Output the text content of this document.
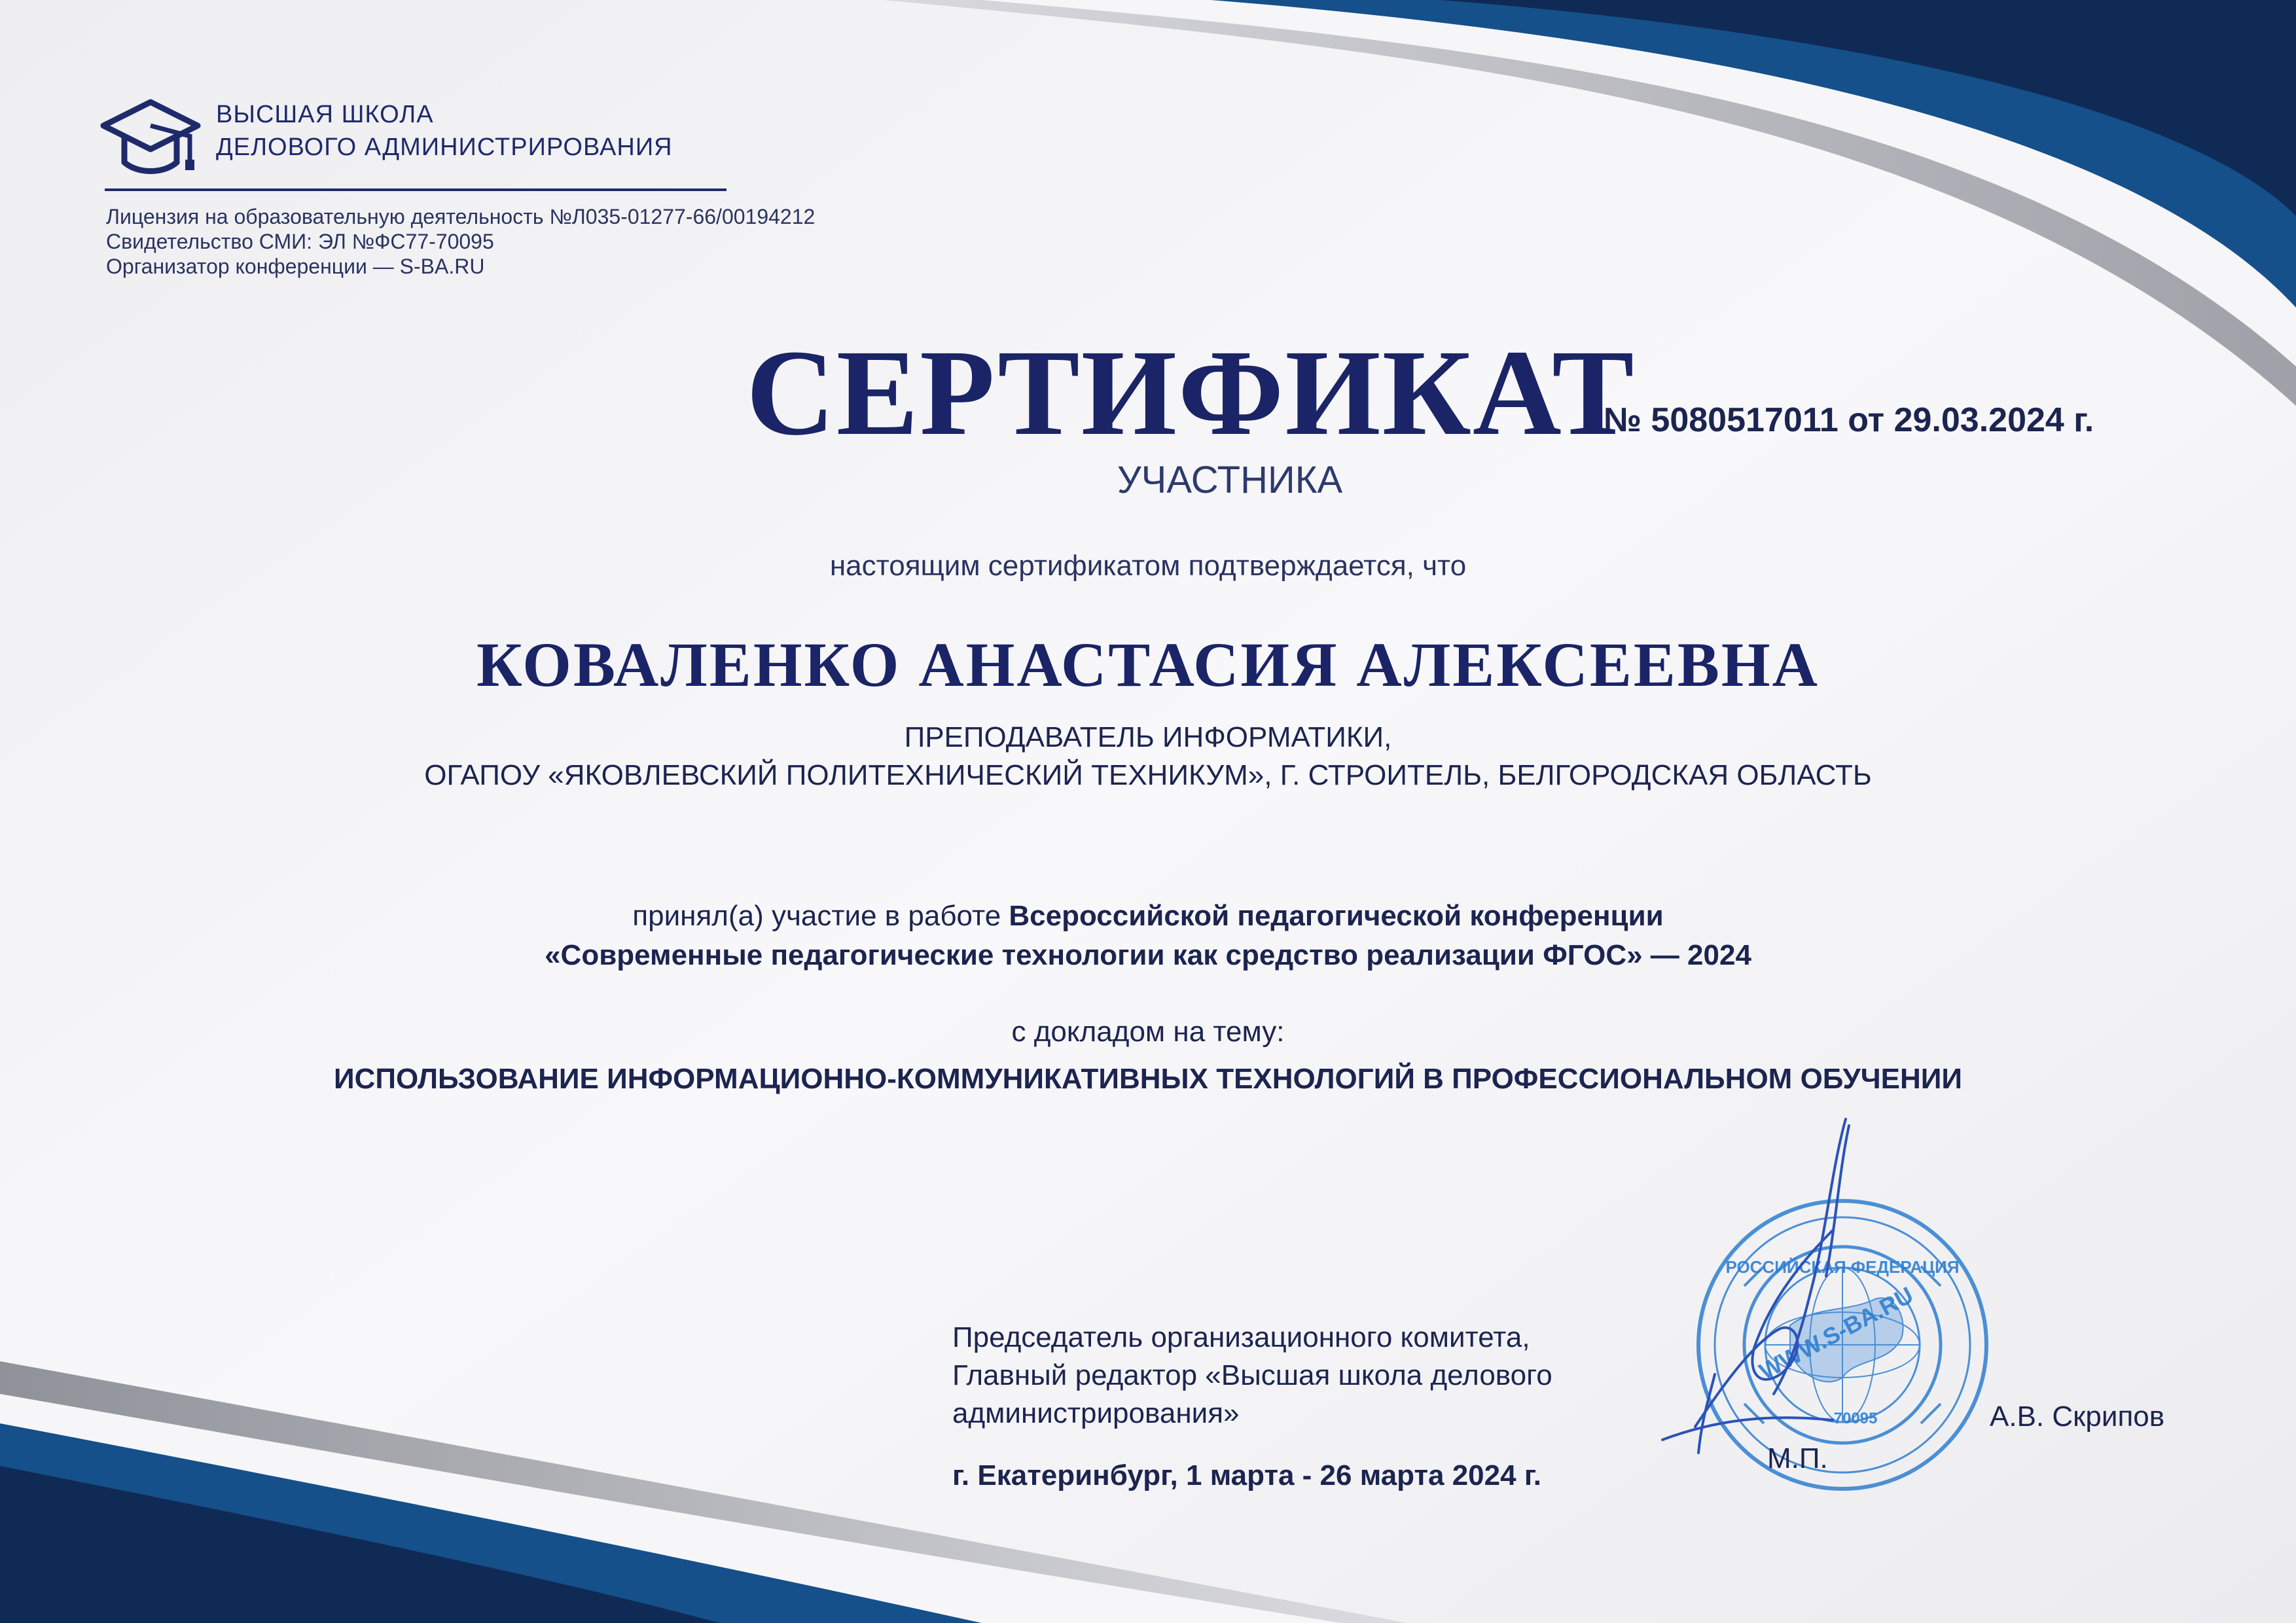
ВЫСШАЯ ШКОЛА
ДЕЛОВОГО АДМИНИСТРИРОВАНИЯ
Лицензия на образовательную деятельность №Л035-01277-66/00194212
Свидетельство СМИ: ЭЛ №ФС77-70095
Организатор конференции — S-BA.RU
СЕРТИФИКАТ
№ 5080517011 от 29.03.2024 г.
УЧАСТНИКА
настоящим сертификатом подтверждается, что
КОВАЛЕНКО АНАСТАСИЯ АЛЕКСЕЕВНА
ПРЕПОДАВАТЕЛЬ ИНФОРМАТИКИ,
ОГАПОУ «ЯКОВЛЕВСКИЙ ПОЛИТЕХНИЧЕСКИЙ ТЕХНИКУМ», Г. СТРОИТЕЛЬ, БЕЛГОРОДСКАЯ ОБЛАСТЬ
принял(а) участие в работе Всероссийской педагогической конференции
«Современные педагогические технологии как средство реализации ФГОС» — 2024
с докладом на тему:
ИСПОЛЬЗОВАНИЕ ИНФОРМАЦИОННО-КОММУНИКАТИВНЫХ ТЕХНОЛОГИЙ В ПРОФЕССИОНАЛЬНОМ ОБУЧЕНИИ
Председатель организационного комитета,
Главный редактор «Высшая школа делового
администрирования»
г. Екатеринбург, 1 марта - 26 марта 2024 г.
РОССИЙСКАЯ ФЕДЕРАЦИЯ
WWW.S-BA.RU
70095
М.П.
А.В. Скрипов
